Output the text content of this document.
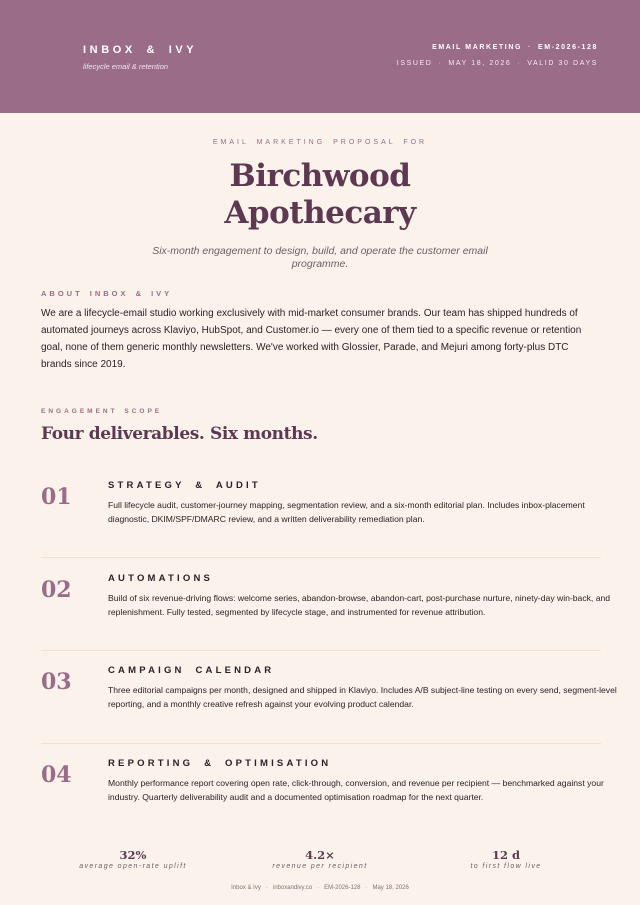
INBOX & IVY
lifecycle email & retention
EMAIL MARKETING · EM-2026-128
ISSUED · MAY 18, 2026 · VALID 30 DAYS
EMAIL MARKETING PROPOSAL FOR
Birchwood
Apothecary
Six-month engagement to design, build, and operate the customer email programme.
ABOUT INBOX & IVY
We are a lifecycle-email studio working exclusively with mid-market consumer brands. Our team has shipped hundreds of automated journeys across Klaviyo, HubSpot, and Customer.io — every one of them tied to a specific revenue or retention goal, none of them generic monthly newsletters. We've worked with Glossier, Parade, and Mejuri among forty-plus DTC brands since 2019.
ENGAGEMENT SCOPE
Four deliverables. Six months.
01	STRATEGY & AUDIT
Full lifecycle audit, customer-journey mapping, segmentation review, and a six-month editorial plan. Includes inbox-placement diagnostic, DKIM/SPF/DMARC review, and a written deliverability remediation plan.
02	AUTOMATIONS
Build of six revenue-driving flows: welcome series, abandon-browse, abandon-cart, post-purchase nurture, ninety-day win-back, and replenishment. Fully tested, segmented by lifecycle stage, and instrumented for revenue attribution.
03	CAMPAIGN CALENDAR
Three editorial campaigns per month, designed and shipped in Klaviyo. Includes A/B subject-line testing on every send, segment-level reporting, and a monthly creative refresh against your evolving product calendar.
04	REPORTING & OPTIMISATION
Monthly performance report covering open rate, click-through, conversion, and revenue per recipient — benchmarked against your industry. Quarterly deliverability audit and a documented optimisation roadmap for the next quarter.
32%
average open-rate uplift
4.2×
revenue per recipient
12 d
to first flow live
Inbox & Ivy · inboxandivy.co · EM-2026-128 · May 18, 2026
